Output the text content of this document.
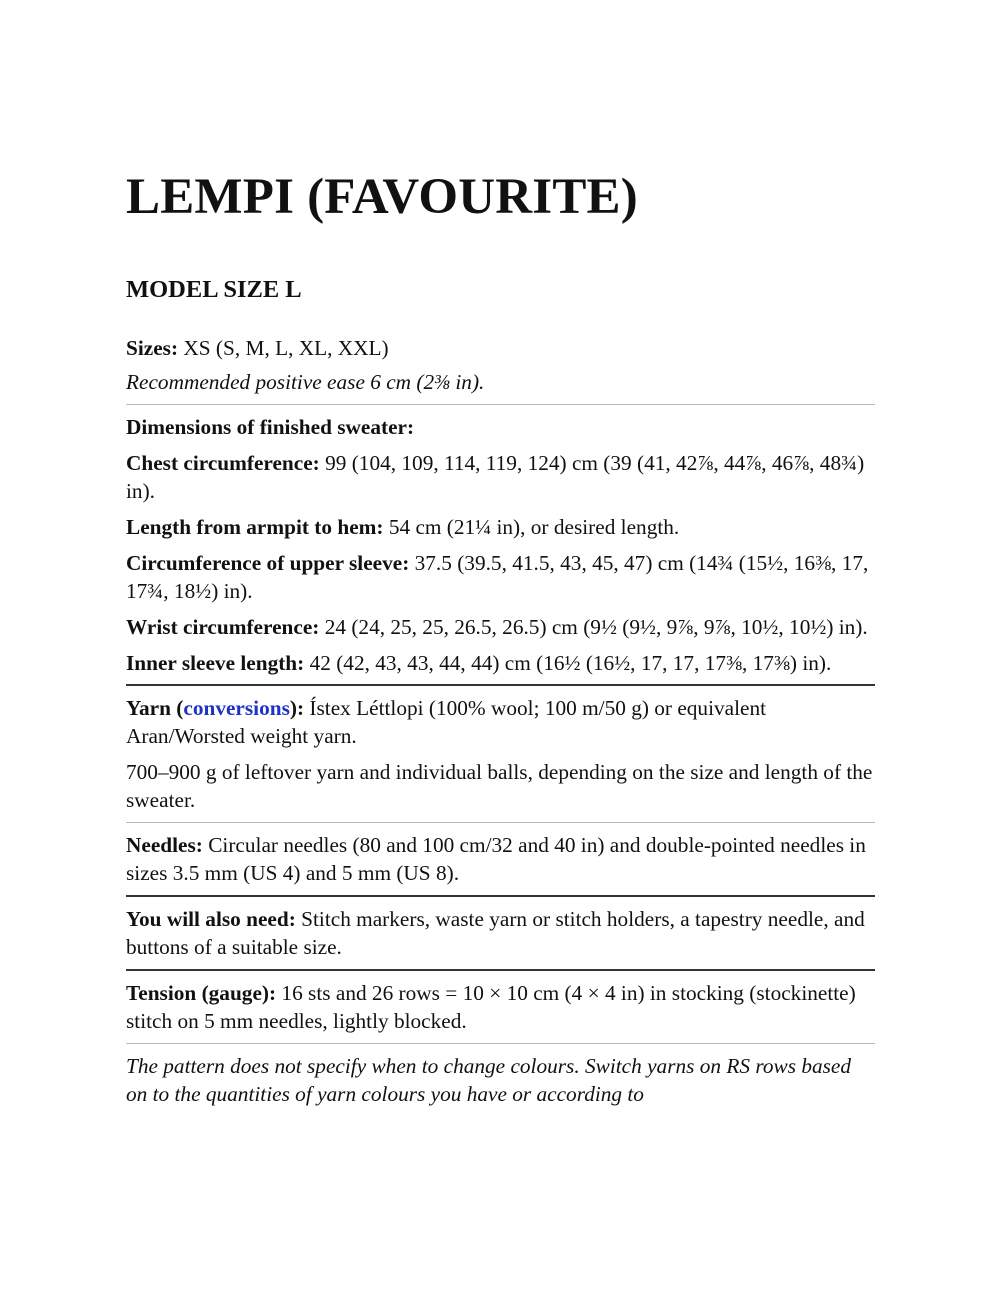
LEMPI (FAVOURITE)
MODEL SIZE L

Sizes: XS (S, M, L, XL, XXL)

Recommended positive ease 6 cm (2⅜ in).

Dimensions of finished sweater:

Chest circumference: 99 (104, 109, 114, 119, 124) cm (39 (41, 42⅞, 44⅞, 46⅞, 48¾) in).

Length from armpit to hem: 54 cm (21¼ in), or desired length.

Circumference of upper sleeve: 37.5 (39.5, 41.5, 43, 45, 47) cm (14¾ (15½, 16⅜, 17, 17¾, 18½) in).

Wrist circumference: 24 (24, 25, 25, 26.5, 26.5) cm (9½ (9½, 9⅞, 9⅞, 10½, 10½) in).

Inner sleeve length: 42 (42, 43, 43, 44, 44) cm (16½ (16½, 17, 17, 17⅜, 17⅜) in).

Yarn (conversions): Ístex Léttlopi (100% wool; 100 m/50 g) or equivalent Aran/Worsted weight yarn.

700–900 g of leftover yarn and individual balls, depending on the size and length of the sweater.

Needles: Circular needles (80 and 100 cm/32 and 40 in) and double-pointed needles in sizes 3.5 mm (US 4) and 5 mm (US 8).

You will also need: Stitch markers, waste yarn or stitch holders, a tapestry needle, and buttons of a suitable size.

Tension (gauge): 16 sts and 26 rows = 10 × 10 cm (4 × 4 in) in stocking (stockinette) stitch on 5 mm needles, lightly blocked.

The pattern does not specify when to change colours. Switch yarns on RS rows based on to the quantities of yarn colours you have or according to
